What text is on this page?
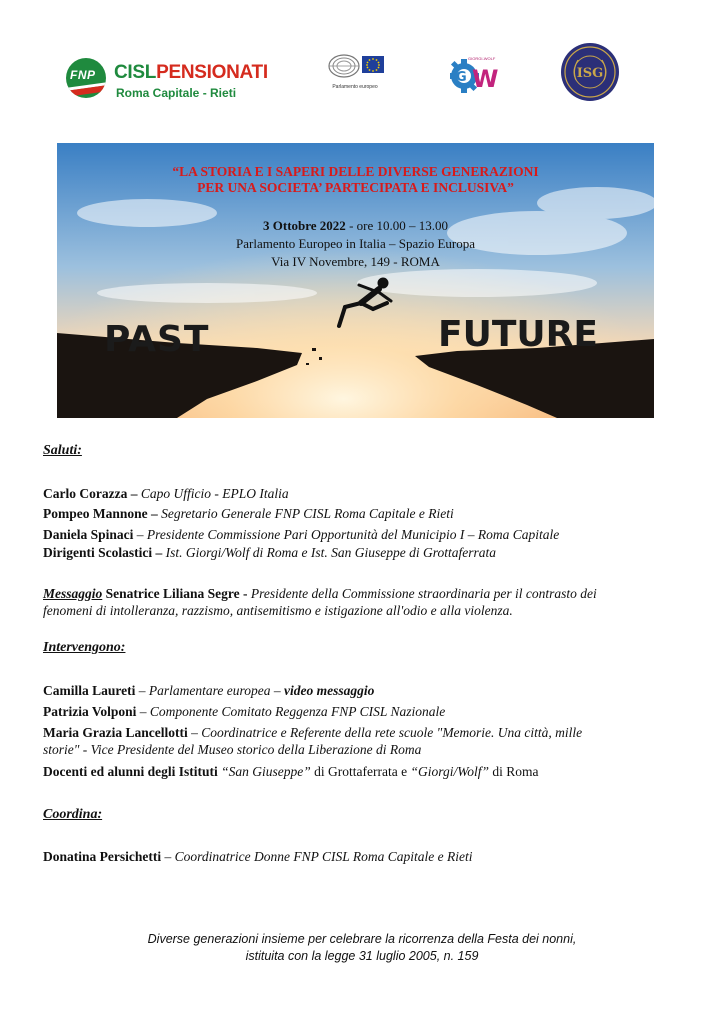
FNP CISLPENSIONATI
Roma Capitale - Rieti	Parlamento europeo
G W
GIORGI-WOLF
ISG
“LA STORIA E I SAPERI DELLE DIVERSE GENERAZIONI
PER UNA SOCIETA’ PARTECIPATA E INCLUSIVA”
3 Ottobre 2022 - ore 10.00 – 13.00
Parlamento Europeo in Italia – Spazio Europa
Via IV Novembre, 149 - ROMA
PAST	FUTURE
Saluti:
Carlo Corazza – Capo Ufficio - EPLO Italia
Pompeo Mannone – Segretario Generale FNP CISL Roma Capitale e Rieti
Daniela Spinaci – Presidente Commissione Pari Opportunità del Municipio I – Roma Capitale
Dirigenti Scolastici – Ist. Giorgi/Wolf di Roma e Ist. San Giuseppe di Grottaferrata
Messaggio Senatrice Liliana Segre - Presidente della Commissione straordinaria per il contrasto dei
fenomeni di intolleranza, razzismo, antisemitismo e istigazione all'odio e alla violenza.
Intervengono:
Camilla Laureti – Parlamentare europea – video messaggio
Patrizia Volponi – Componente Comitato Reggenza FNP CISL Nazionale
Maria Grazia Lancellotti – Coordinatrice e Referente della rete scuole "Memorie. Una città, mille
storie" - Vice Presidente del Museo storico della Liberazione di Roma
Docenti ed alunni degli Istituti “San Giuseppe” di Grottaferrata e “Giorgi/Wolf” di Roma
Coordina:
Donatina Persichetti – Coordinatrice Donne FNP CISL Roma Capitale e Rieti
Diverse generazioni insieme per celebrare la ricorrenza della Festa dei nonni,
istituita con la legge 31 luglio 2005, n. 159
